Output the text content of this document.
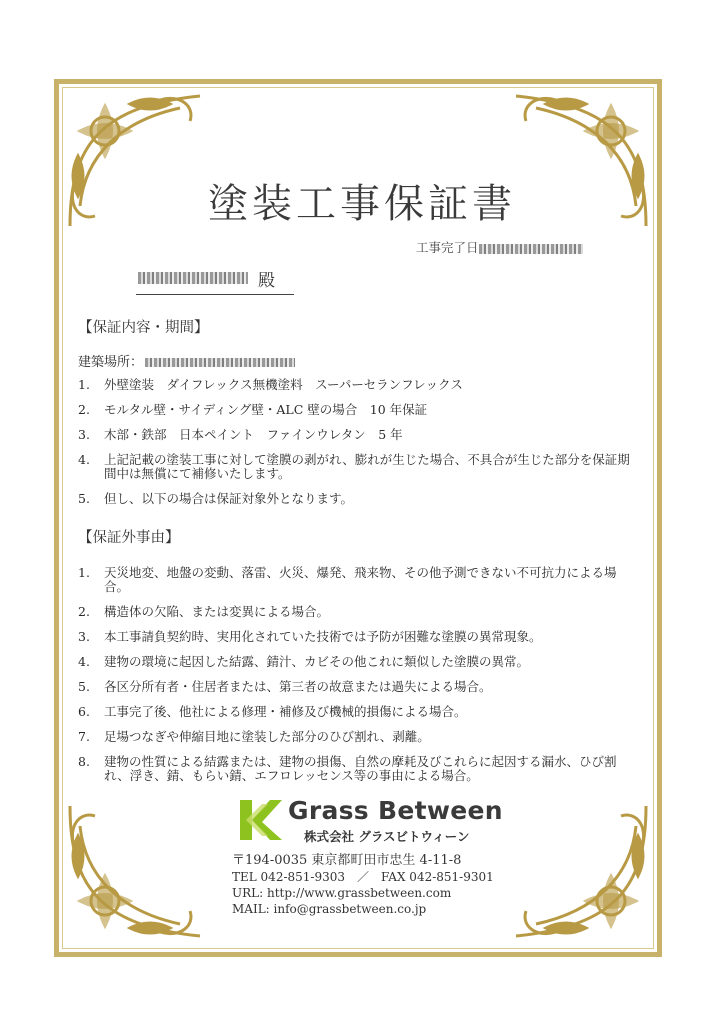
塗装工事保証書
工事完了日
殿
【保証内容・期間】
建築場所：
1. 外壁塗装　ダイフレックス無機塗料　スーパーセランフレックス
2. モルタル壁・サイディング壁・ALC 壁の場合　10 年保証
3. 木部・鉄部　日本ペイント　ファインウレタン　5 年
4. 上記記載の塗装工事に対して塗膜の剥がれ、膨れが生じた場合、不具合が生じた部分を保証期間中は無償にて補修いたします。
5. 但し、以下の場合は保証対象外となります。
【保証外事由】
1. 天災地変、地盤の変動、落雷、火災、爆発、飛来物、その他予測できない不可抗力による場合。
2. 構造体の欠陥、または変異による場合。
3. 本工事請負契約時、実用化されていた技術では予防が困難な塗膜の異常現象。
4. 建物の環境に起因した結露、錆汁、カビその他これに類似した塗膜の異常。
5. 各区分所有者・住居者または、第三者の故意または過失による場合。
6. 工事完了後、他社による修理・補修及び機械的損傷による場合。
7. 足場つなぎや伸縮目地に塗装した部分のひび割れ、剥離。
8. 建物の性質による結露または、建物の損傷、自然の摩耗及びこれらに起因する漏水、ひび割れ、浮き、錆、もらい錆、エフロレッセンス等の事由による場合。
Grass Between
株式会社 グラスビトウィーン
〒194-0035 東京都町田市忠生 4-11-8
TEL 042-851-9303　／　FAX 042-851-9301
URL: http://www.grassbetween.com
MAIL: info@grassbetween.co.jp
